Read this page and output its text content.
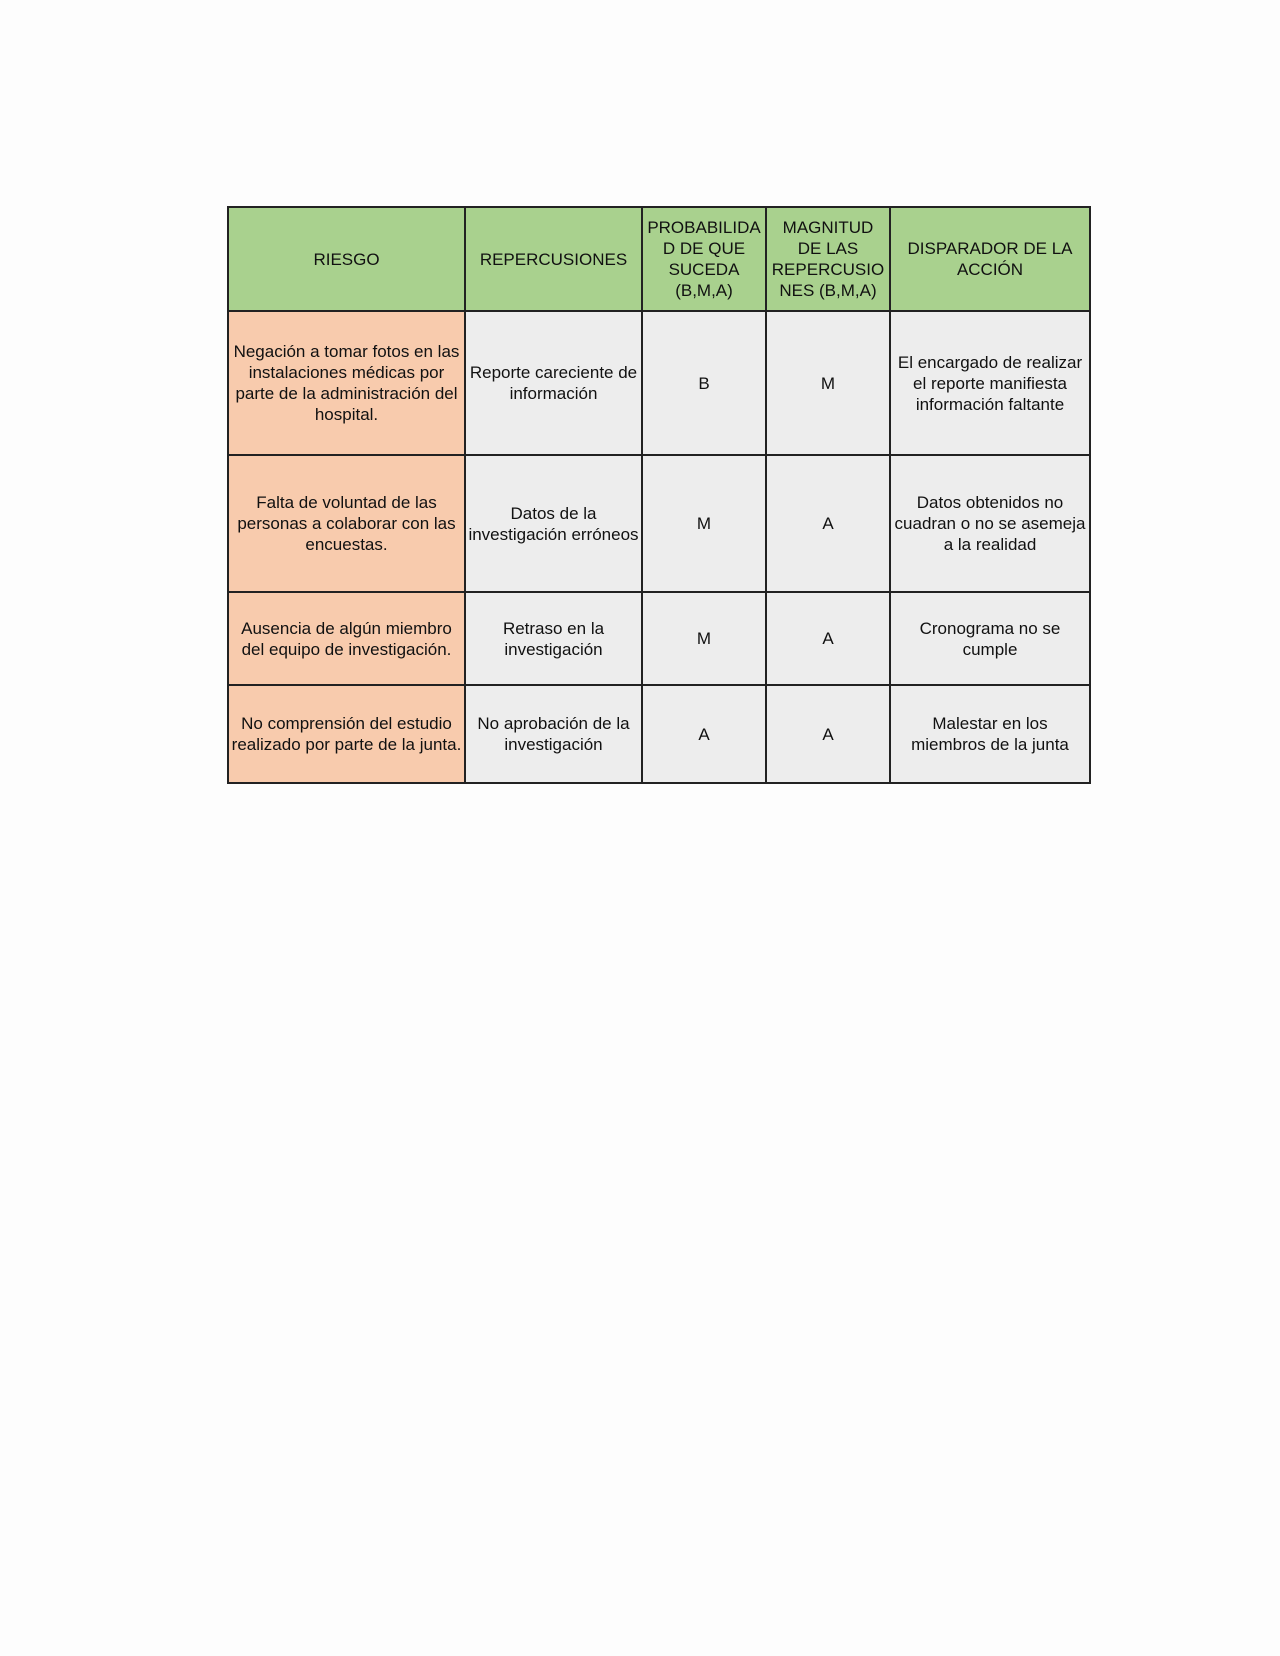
RIESGO	REPERCUSIONES	PROBABILIDAD DE QUE SUCEDA (B,M,A)	MAGNITUD DE LAS REPERCUSIONES (B,M,A)	DISPARADOR DE LA ACCIÓN
Negación a tomar fotos en las instalaciones médicas por parte de la administración del hospital.	Reporte careciente de información	B	M	El encargado de realizar el reporte manifiesta información faltante
Falta de voluntad de las personas a colaborar con las encuestas.	Datos de la investigación erróneos	M	A	Datos obtenidos no cuadran o no se asemeja a la realidad
Ausencia de algún miembro del equipo de investigación.	Retraso en la investigación	M	A	Cronograma no se cumple
No comprensión del estudio realizado por parte de la junta.	No aprobación de la investigación	A	A	Malestar en los miembros de la junta
